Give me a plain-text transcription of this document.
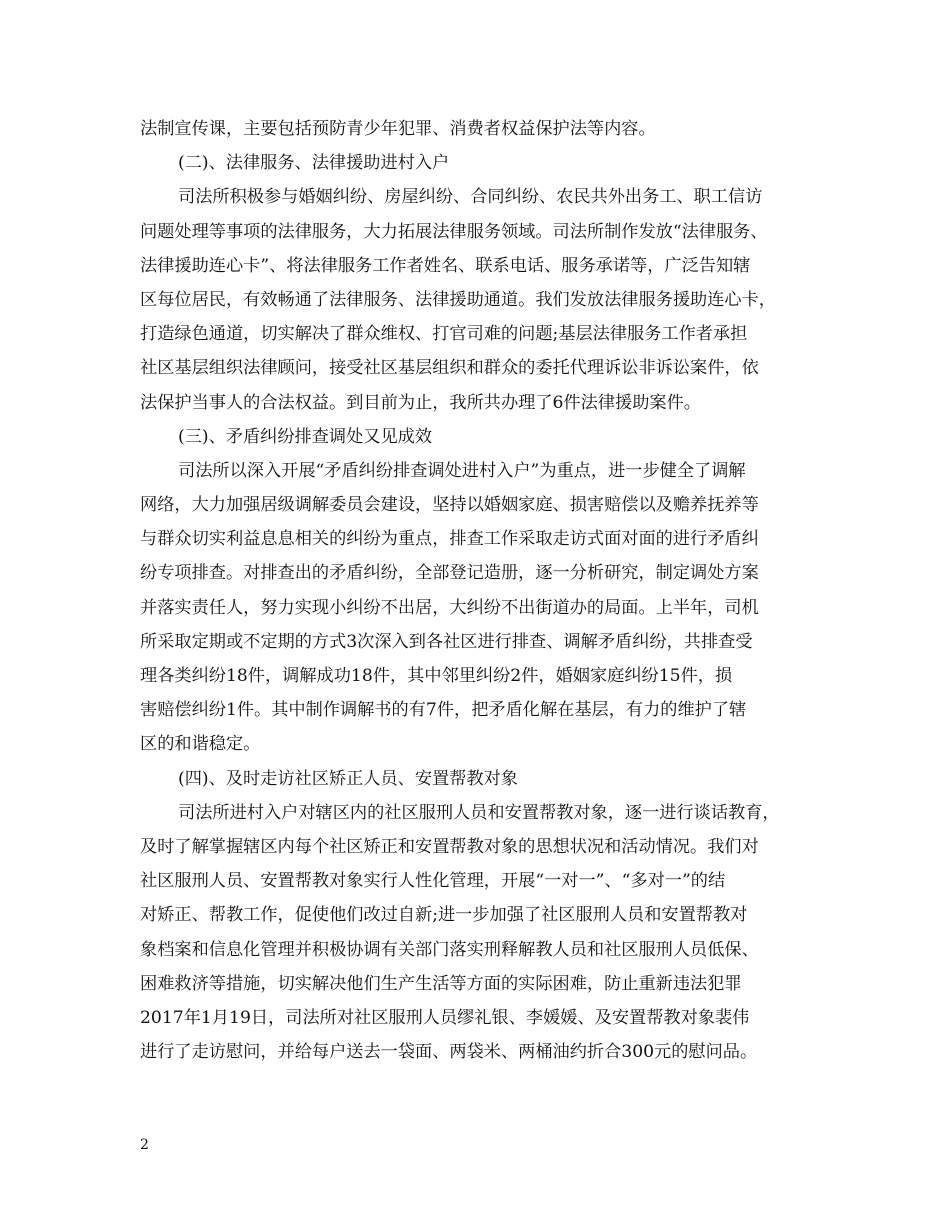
法制宣传课，主要包括预防青少年犯罪、消费者权益保护法等内容。
(二)、法律服务、法律援助进村入户
司法所积极参与婚姻纠纷、房屋纠纷、合同纠纷、农民共外出务工、职工信访
问题处理等事项的法律服务，大力拓展法律服务领域。司法所制作发放“法律服务、
法律援助连心卡”、将法律服务工作者姓名、联系电话、服务承诺等，广泛告知辖
区每位居民，有效畅通了法律服务、法律援助通道。我们发放法律服务援助连心卡，
打造绿色通道，切实解决了群众维权、打官司难的问题;基层法律服务工作者承担
社区基层组织法律顾问，接受社区基层组织和群众的委托代理诉讼非诉讼案件，依
法保护当事人的合法权益。到目前为止，我所共办理了6件法律援助案件。
(三)、矛盾纠纷排查调处又见成效
司法所以深入开展“矛盾纠纷排查调处进村入户”为重点，进一步健全了调解
网络，大力加强居级调解委员会建设，坚持以婚姻家庭、损害赔偿以及赡养抚养等
与群众切实利益息息相关的纠纷为重点，排查工作采取走访式面对面的进行矛盾纠
纷专项排查。对排查出的矛盾纠纷，全部登记造册，逐一分析研究，制定调处方案
并落实责任人，努力实现小纠纷不出居，大纠纷不出街道办的局面。上半年，司机
所采取定期或不定期的方式3次深入到各社区进行排查、调解矛盾纠纷，共排查受
理各类纠纷18件，调解成功18件，其中邻里纠纷2件，婚姻家庭纠纷15件，损
害赔偿纠纷1件。其中制作调解书的有7件，把矛盾化解在基层，有力的维护了辖
区的和谐稳定。
(四)、及时走访社区矫正人员、安置帮教对象
司法所进村入户对辖区内的社区服刑人员和安置帮教对象，逐一进行谈话教育，
及时了解掌握辖区内每个社区矫正和安置帮教对象的思想状况和活动情况。我们对
社区服刑人员、安置帮教对象实行人性化管理，开展“一对一”、“多对一”的结
对矫正、帮教工作，促使他们改过自新;进一步加强了社区服刑人员和安置帮教对
象档案和信息化管理并积极协调有关部门落实刑释解教人员和社区服刑人员低保、
困难救济等措施，切实解决他们生产生活等方面的实际困难，防止重新违法犯罪
2017年1月19日，司法所对社区服刑人员缪礼银、李媛媛、及安置帮教对象裴伟
进行了走访慰问，并给每户送去一袋面、两袋米、两桶油约折合300元的慰问品。
2
